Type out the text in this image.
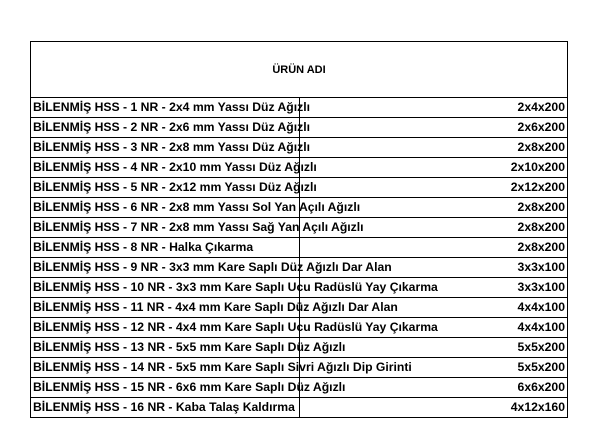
ÜRÜN ADI	
BİLENMİŞ HSS - 1 NR - 2x4 mm Yassı Düz Ağızlı	2x4x200
BİLENMİŞ HSS - 2 NR - 2x6 mm Yassı Düz Ağızlı	2x6x200
BİLENMİŞ HSS - 3 NR - 2x8 mm Yassı Düz Ağızlı	2x8x200
BİLENMİŞ HSS - 4 NR - 2x10 mm Yassı Düz Ağızlı	2x10x200
BİLENMİŞ HSS - 5 NR - 2x12 mm Yassı Düz Ağızlı	2x12x200
BİLENMİŞ HSS - 6 NR - 2x8 mm Yassı Sol Yan Açılı Ağızlı	2x8x200
BİLENMİŞ HSS - 7 NR - 2x8 mm Yassı Sağ Yan Açılı Ağızlı	2x8x200
BİLENMİŞ HSS - 8 NR - Halka Çıkarma	2x8x200
BİLENMİŞ HSS - 9 NR - 3x3 mm Kare Saplı Düz Ağızlı Dar Alan	3x3x100
BİLENMİŞ HSS - 10 NR - 3x3 mm Kare Saplı Ucu Radüslü Yay Çıkarma	3x3x100
BİLENMİŞ HSS - 11 NR - 4x4 mm Kare Saplı Düz Ağızlı Dar Alan	4x4x100
BİLENMİŞ HSS - 12 NR - 4x4 mm Kare Saplı Ucu Radüslü Yay Çıkarma	4x4x100
BİLENMİŞ HSS - 13 NR - 5x5 mm Kare Saplı Düz Ağızlı	5x5x200
BİLENMİŞ HSS - 14 NR - 5x5 mm Kare Saplı Sivri Ağızlı Dip Girinti	5x5x200
BİLENMİŞ HSS - 15 NR - 6x6 mm Kare Saplı Düz Ağızlı	6x6x200
BİLENMİŞ HSS - 16 NR - Kaba Talaş Kaldırma	4x12x160
